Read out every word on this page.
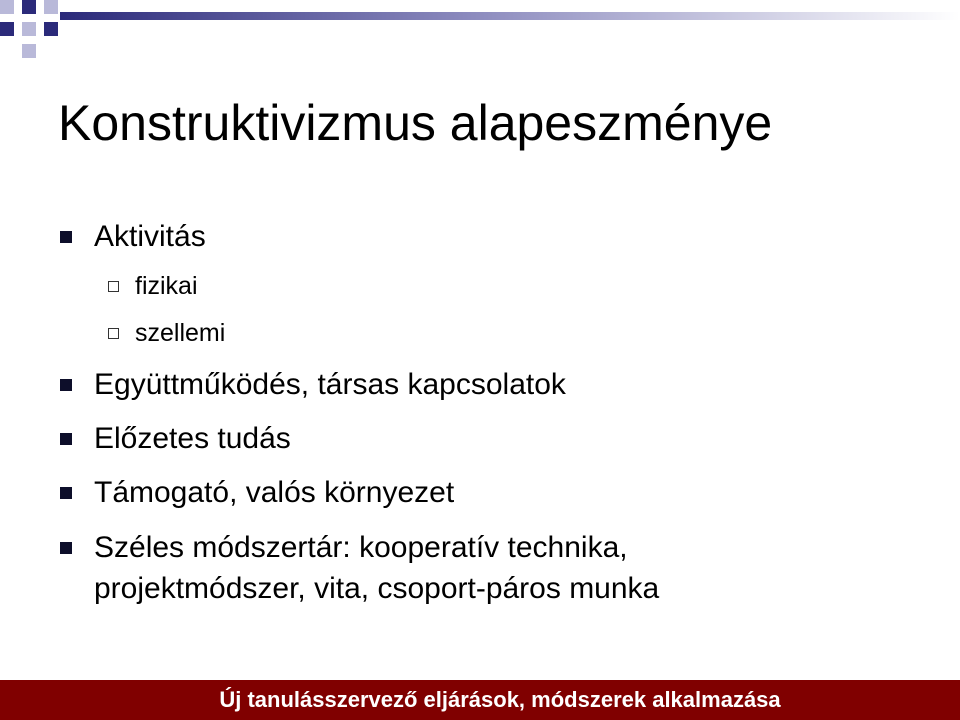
Konstruktivizmus alapeszménye
Aktivitás
fizikai
szellemi
Együttműködés, társas kapcsolatok
Előzetes tudás
Támogató, valós környezet
Széles módszertár: kooperatív technika,
projektmódszer, vita, csoport-páros munka
Új tanulásszervező eljárások, módszerek alkalmazása
